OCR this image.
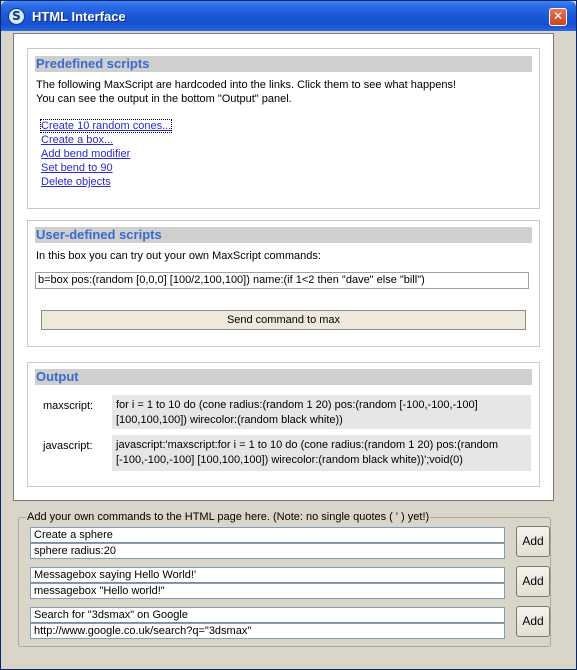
S HTML Interface	✕
Predefined scripts
The following MaxScript are hardcoded into the links. Click them to see what happens!
You can see the output in the bottom "Output" panel.
Create 10 random cones...
Create a box...
Add bend modifier
Set bend to 90
Delete objects
User-defined scripts
In this box you can try out your own MaxScript commands:
b=box pos:(random [0,0,0] [100/2,100,100]) name:(if 1<2 then "dave" else "bill")
Send command to max
Output
maxscript:	for i = 1 to 10 do (cone radius:(random 1 20) pos:(random [-100,-100,-100] [100,100,100]) wirecolor:(random black white))
javascript:	javascript:'maxscript:for i = 1 to 10 do (cone radius:(random 1 20) pos:(random [-100,-100,-100] [100,100,100]) wirecolor:(random black white))';void(0)
Add your own commands to the HTML page here. (Note: no single quotes ( ' ) yet!)
Create a sphere
sphere radius:20
Add
Messagebox saying Hello World!'
messagebox "Hello world!"
Add
Search for "3dsmax" on Google
http://www.google.co.uk/search?q="3dsmax"
Add
